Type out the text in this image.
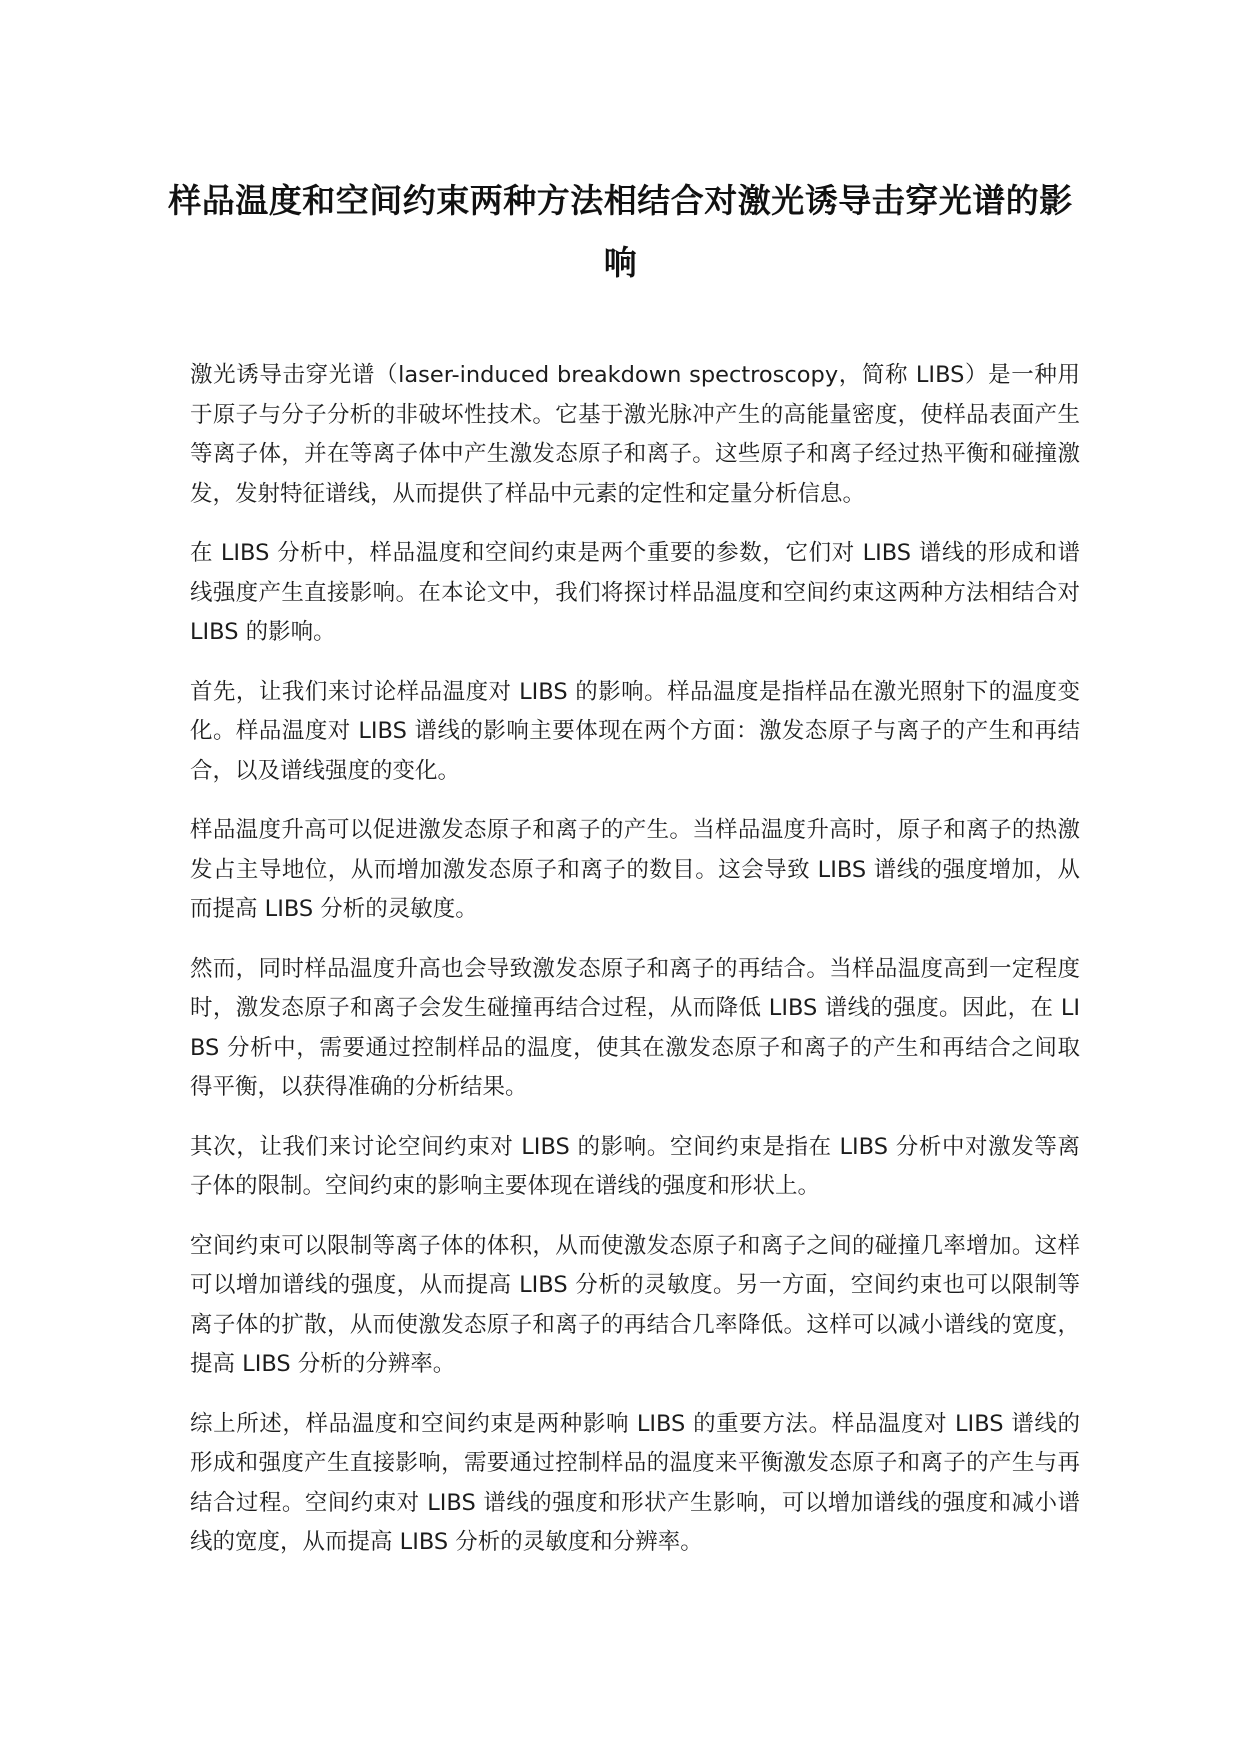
样品温度和空间约束两种方法相结合对激光诱导击穿光谱的影响

激光诱导击穿光谱（laser-induced breakdown spectroscopy，简称 LIBS）是一种用于原子与分子分析的非破坏性技术。它基于激光脉冲产生的高能量密度，使样品表面产生等离子体，并在等离子体中产生激发态原子和离子。这些原子和离子经过热平衡和碰撞激发，发射特征谱线，从而提供了样品中元素的定性和定量分析信息。

在 LIBS 分析中，样品温度和空间约束是两个重要的参数，它们对 LIBS 谱线的形成和谱线强度产生直接影响。在本论文中，我们将探讨样品温度和空间约束这两种方法相结合对 LIBS 的影响。

首先，让我们来讨论样品温度对 LIBS 的影响。样品温度是指样品在激光照射下的温度变化。样品温度对 LIBS 谱线的影响主要体现在两个方面：激发态原子与离子的产生和再结合，以及谱线强度的变化。

样品温度升高可以促进激发态原子和离子的产生。当样品温度升高时，原子和离子的热激发占主导地位，从而增加激发态原子和离子的数目。这会导致 LIBS 谱线的强度增加，从而提高 LIBS 分析的灵敏度。

然而，同时样品温度升高也会导致激发态原子和离子的再结合。当样品温度高到一定程度时，激发态原子和离子会发生碰撞再结合过程，从而降低 LIBS 谱线的强度。因此，在 LIBS 分析中，需要通过控制样品的温度，使其在激发态原子和离子的产生和再结合之间取得平衡，以获得准确的分析结果。

其次，让我们来讨论空间约束对 LIBS 的影响。空间约束是指在 LIBS 分析中对激发等离子体的限制。空间约束的影响主要体现在谱线的强度和形状上。

空间约束可以限制等离子体的体积，从而使激发态原子和离子之间的碰撞几率增加。这样可以增加谱线的强度，从而提高 LIBS 分析的灵敏度。另一方面，空间约束也可以限制等离子体的扩散，从而使激发态原子和离子的再结合几率降低。这样可以减小谱线的宽度，提高 LIBS 分析的分辨率。

综上所述，样品温度和空间约束是两种影响 LIBS 的重要方法。样品温度对 LIBS 谱线的形成和强度产生直接影响，需要通过控制样品的温度来平衡激发态原子和离子的产生与再结合过程。空间约束对 LIBS 谱线的强度和形状产生影响，可以增加谱线的强度和减小谱线的宽度，从而提高 LIBS 分析的灵敏度和分辨率。
